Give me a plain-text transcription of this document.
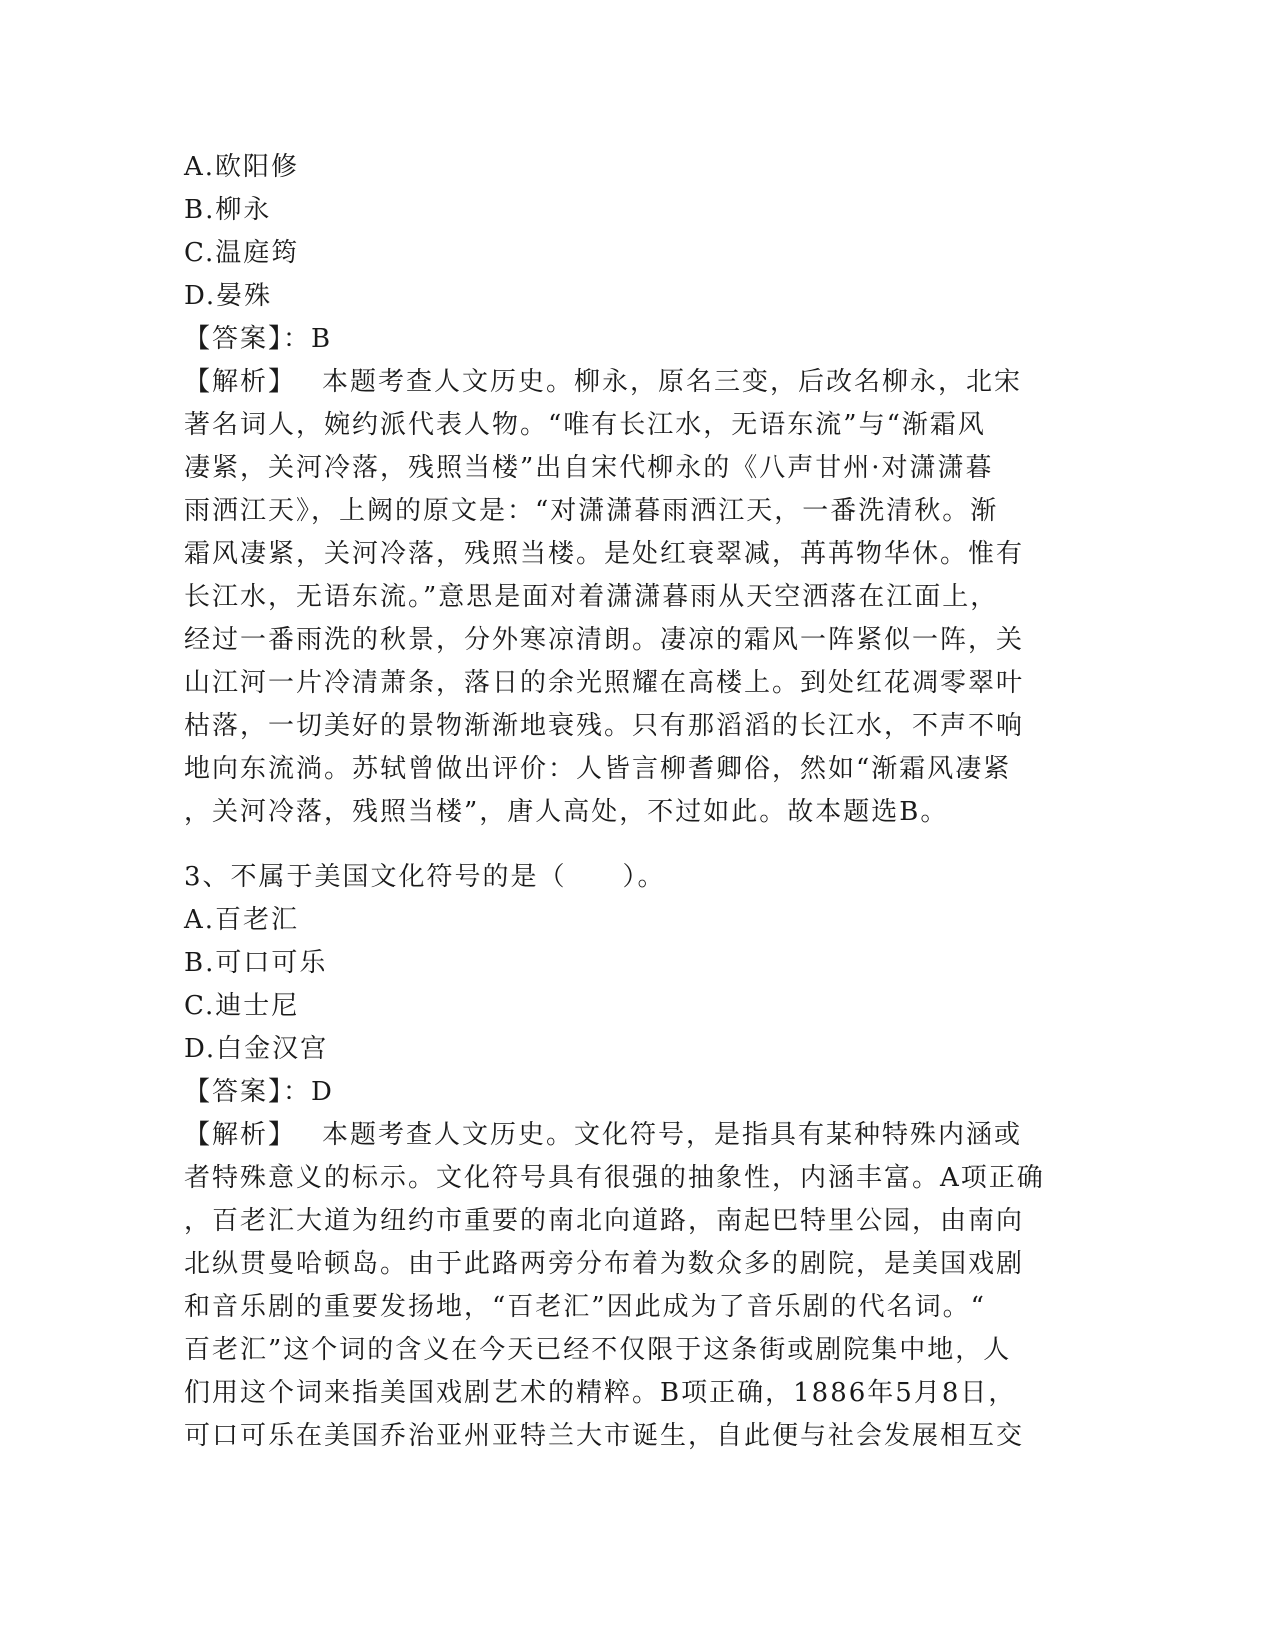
A.欧阳修
B.柳永
C.温庭筠
D.晏殊
【答案】：B
【解析】 本题考查人文历史。柳永，原名三变，后改名柳永，北宋
著名词人，婉约派代表人物。“唯有长江水，无语东流”与“渐霜风
凄紧，关河冷落，残照当楼”出自宋代柳永的《八声甘州·对潇潇暮
雨洒江天》，上阙的原文是：“对潇潇暮雨洒江天，一番洗清秋。渐
霜风凄紧，关河冷落，残照当楼。是处红衰翠减，苒苒物华休。惟有
长江水，无语东流。”意思是面对着潇潇暮雨从天空洒落在江面上，
经过一番雨洗的秋景，分外寒凉清朗。凄凉的霜风一阵紧似一阵，关
山江河一片冷清萧条，落日的余光照耀在高楼上。到处红花凋零翠叶
枯落，一切美好的景物渐渐地衰残。只有那滔滔的长江水，不声不响
地向东流淌。苏轼曾做出评价：人皆言柳耆卿俗，然如“渐霜风凄紧
，关河冷落，残照当楼”，唐人高处，不过如此。故本题选B。
3、不属于美国文化符号的是（　　）。
A.百老汇
B.可口可乐
C.迪士尼
D.白金汉宫
【答案】：D
【解析】 本题考查人文历史。文化符号，是指具有某种特殊内涵或
者特殊意义的标示。文化符号具有很强的抽象性，内涵丰富。A项正确
，百老汇大道为纽约市重要的南北向道路，南起巴特里公园，由南向
北纵贯曼哈顿岛。由于此路两旁分布着为数众多的剧院，是美国戏剧
和音乐剧的重要发扬地，“百老汇”因此成为了音乐剧的代名词。“
百老汇”这个词的含义在今天已经不仅限于这条街或剧院集中地，人
们用这个词来指美国戏剧艺术的精粹。B项正确，1886年5月8日，
可口可乐在美国乔治亚州亚特兰大市诞生，自此便与社会发展相互交
